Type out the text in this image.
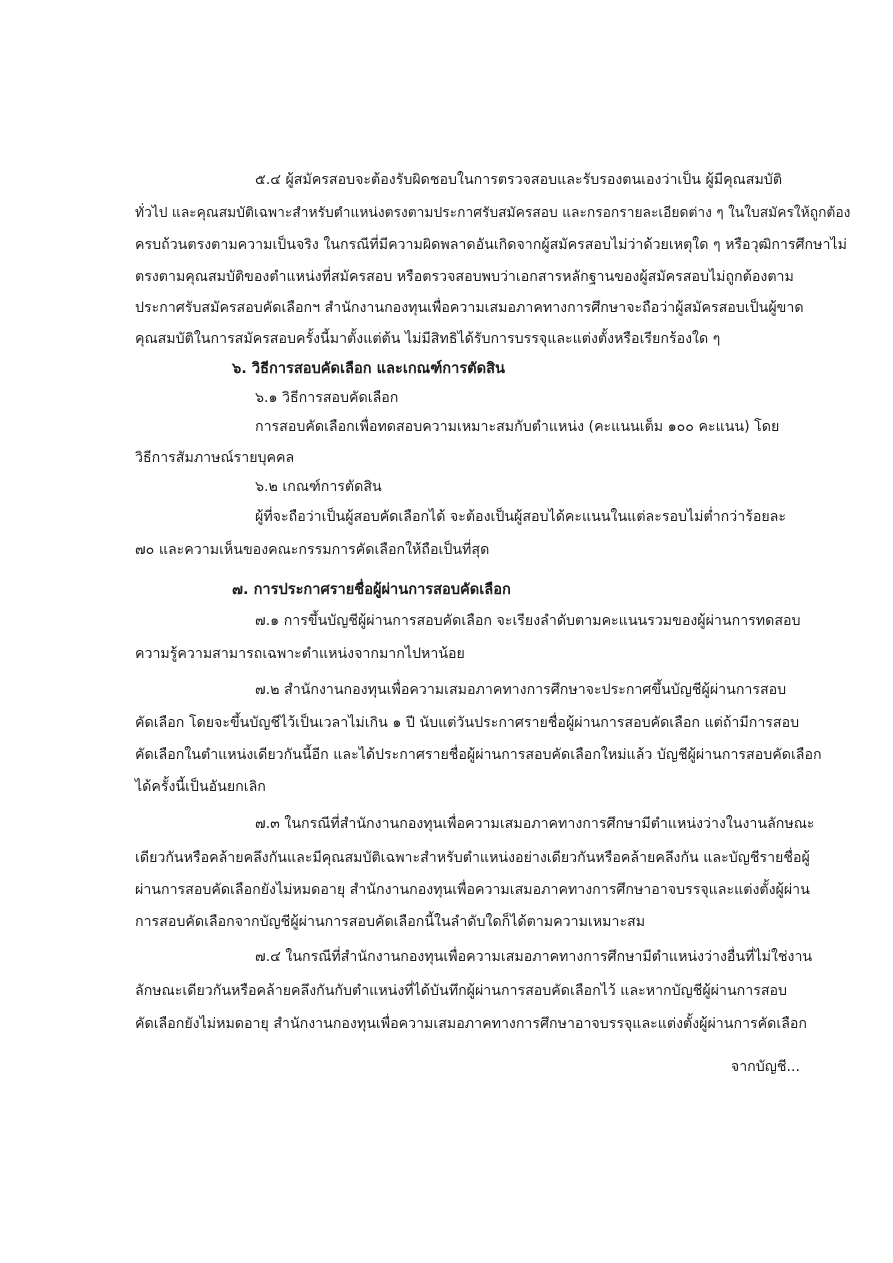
๕.๔ ผู้สมัครสอบจะต้องรับผิดชอบในการตรวจสอบและรับรองตนเองว่าเป็น ผู้มีคุณสมบัติ
ทั่วไป และคุณสมบัติเฉพาะสำหรับตำแหน่งตรงตามประกาศรับสมัครสอบ และกรอกรายละเอียดต่าง ๆ ในใบสมัครให้ถูกต้อง
ครบถ้วนตรงตามความเป็นจริง ในกรณีที่มีความผิดพลาดอันเกิดจากผู้สมัครสอบไม่ว่าด้วยเหตุใด ๆ หรือวุฒิการศึกษาไม่
ตรงตามคุณสมบัติของตำแหน่งที่สมัครสอบ หรือตรวจสอบพบว่าเอกสารหลักฐานของผู้สมัครสอบไม่ถูกต้องตาม
ประกาศรับสมัครสอบคัดเลือกฯ สำนักงานกองทุนเพื่อความเสมอภาคทางการศึกษาจะถือว่าผู้สมัครสอบเป็นผู้ขาด
คุณสมบัติในการสมัครสอบครั้งนี้มาตั้งแต่ต้น ไม่มีสิทธิได้รับการบรรจุและแต่งตั้งหรือเรียกร้องใด ๆ
๖. วิธีการสอบคัดเลือก และเกณฑ์การตัดสิน
๖.๑ วิธีการสอบคัดเลือก
การสอบคัดเลือกเพื่อทดสอบความเหมาะสมกับตำแหน่ง (คะแนนเต็ม ๑๐๐ คะแนน) โดย
วิธีการสัมภาษณ์รายบุคคล
๖.๒ เกณฑ์การตัดสิน
ผู้ที่จะถือว่าเป็นผู้สอบคัดเลือกได้ จะต้องเป็นผู้สอบได้คะแนนในแต่ละรอบไม่ต่ำกว่าร้อยละ
๗๐ และความเห็นของคณะกรรมการคัดเลือกให้ถือเป็นที่สุด
๗. การประกาศรายชื่อผู้ผ่านการสอบคัดเลือก
๗.๑ การขึ้นบัญชีผู้ผ่านการสอบคัดเลือก จะเรียงลำดับตามคะแนนรวมของผู้ผ่านการทดสอบ
ความรู้ความสามารถเฉพาะตำแหน่งจากมากไปหาน้อย
๗.๒ สำนักงานกองทุนเพื่อความเสมอภาคทางการศึกษาจะประกาศขึ้นบัญชีผู้ผ่านการสอบ
คัดเลือก โดยจะขึ้นบัญชีไว้เป็นเวลาไม่เกิน ๑ ปี นับแต่วันประกาศรายชื่อผู้ผ่านการสอบคัดเลือก แต่ถ้ามีการสอบ
คัดเลือกในตำแหน่งเดียวกันนี้อีก และได้ประกาศรายชื่อผู้ผ่านการสอบคัดเลือกใหม่แล้ว บัญชีผู้ผ่านการสอบคัดเลือก
ได้ครั้งนี้เป็นอันยกเลิก
๗.๓ ในกรณีที่สำนักงานกองทุนเพื่อความเสมอภาคทางการศึกษามีตำแหน่งว่างในงานลักษณะ
เดียวกันหรือคล้ายคลึงกันและมีคุณสมบัติเฉพาะสำหรับตำแหน่งอย่างเดียวกันหรือคล้ายคลึงกัน และบัญชีรายชื่อผู้
ผ่านการสอบคัดเลือกยังไม่หมดอายุ สำนักงานกองทุนเพื่อความเสมอภาคทางการศึกษาอาจบรรจุและแต่งตั้งผู้ผ่าน
การสอบคัดเลือกจากบัญชีผู้ผ่านการสอบคัดเลือกนี้ในลำดับใดก็ได้ตามความเหมาะสม
๗.๔ ในกรณีที่สำนักงานกองทุนเพื่อความเสมอภาคทางการศึกษามีตำแหน่งว่างอื่นที่ไม่ใช่งาน
ลักษณะเดียวกันหรือคล้ายคลึงกันกับตำแหน่งที่ได้บันทึกผู้ผ่านการสอบคัดเลือกไว้ และหากบัญชีผู้ผ่านการสอบ
คัดเลือกยังไม่หมดอายุ สำนักงานกองทุนเพื่อความเสมอภาคทางการศึกษาอาจบรรจุและแต่งตั้งผู้ผ่านการคัดเลือก
จากบัญชี...
